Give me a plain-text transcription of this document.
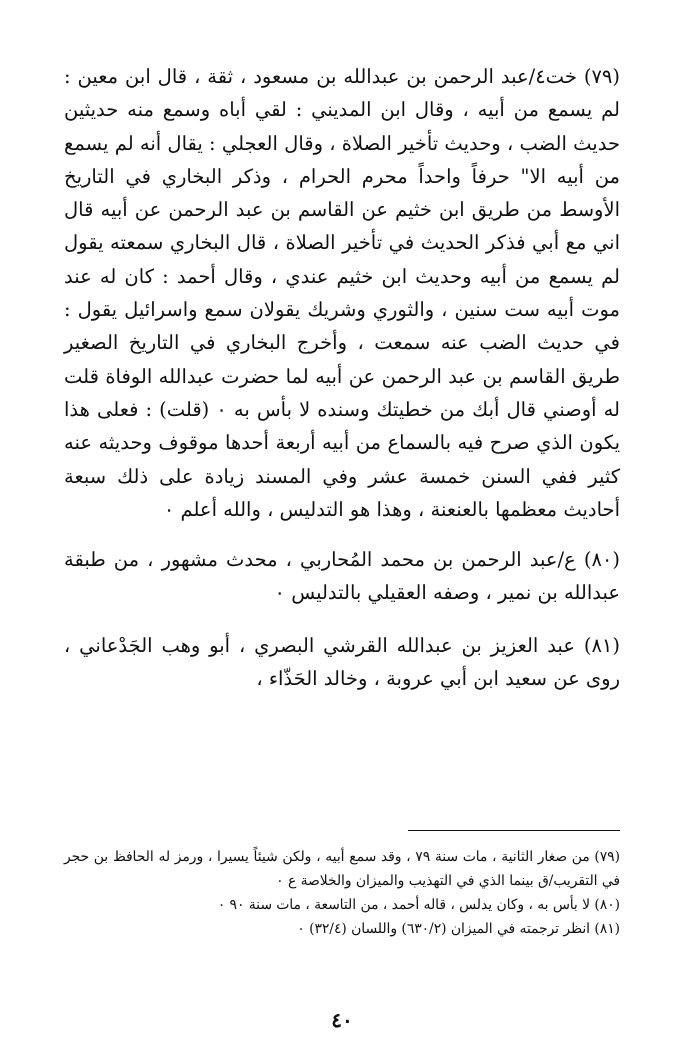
(٧٩) خت٤/عبد الرحمن بن عبدالله بن مسعود ، ثقة ، قال ابن معين : لم يسمع من أبيه ، وقال ابن المديني : لقي أباه وسمع منه حديثين حديث الضب ، وحديث تأخير الصلاة ، وقال العجلي : يقال أنه لم يسمع من أبيه الا" حرفاً واحداً محرم الحرام ، وذكر البخاري في التاريخ الأوسط من طريق ابن خثيم عن القاسم بن عبد الرحمن عن أبيه قال اني مع أبي فذكر الحديث في تأخير الصلاة ، قال البخاري سمعته يقول لم يسمع من أبيه وحديث ابن خثيم عندي ، وقال أحمد : كان له عند موت أبيه ست سنين ، والثوري وشريك يقولان سمع واسرائيل يقول : في حديث الضب عنه سمعت ، وأخرج البخاري في التاريخ الصغير طريق القاسم بن عبد الرحمن عن أبيه لما حضرت عبدالله الوفاة قلت له أوصني قال أبك من خطيتك وسنده لا بأس به ٠ (قلت) : فعلى هذا يكون الذي صرح فيه بالسماع من أبيه أربعة أحدها موقوف وحديثه عنه كثير ففي السنن خمسة عشر وفي المسند زيادة على ذلك سبعة أحاديث معظمها بالعنعنة ، وهذا هو التدليس ، والله أعلم ٠

(٨٠) ع/عبد الرحمن بن محمد المُحاربي ، محدث مشهور ، من طبقة عبدالله بن نمير ، وصفه العقيلي بالتدليس ٠

(٨١) عبد العزيز بن عبدالله القرشي البصري ، أبو وهب الجَدْعاني ، روى عن سعيد ابن أبي عروبة ، وخالد الحَذّاء ،

(٧٩) من صغار الثانية ، مات سنة ٧٩ ، وقد سمع أبيه ، ولكن شيئاً يسيرا ، ورمز له الحافظ بن حجر في التقريب/ق بينما الذي في التهذيب والميزان والخلاصة ع ٠

(٨٠) لا بأس به ، وكان يدلس ، قاله أحمد ، من التاسعة ، مات سنة ٩٠ ٠

(٨١) انظر ترجمته في الميزان (٦٣٠/٢) واللسان (٣٢/٤) ٠

٤٠
